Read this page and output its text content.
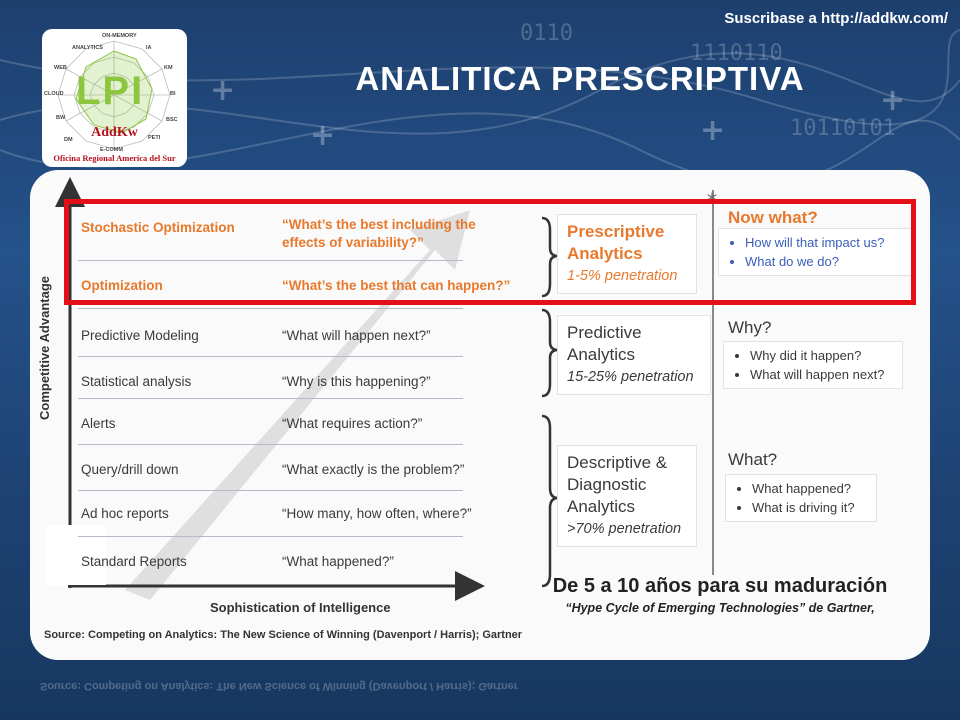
1110110
10110101
0110
+
+
+
+
Suscribase a http://addkw.com/
LPI
AddKw
Oficina Regional America del Sur
ON-MEMORY
IA
KM
BI
BSC
PETI
E-COMM
DM
BW
CLOUD
WEB
ANALYTICS
ANALITICA PRESCRIPTIVA
*
Stochastic Optimization	“What’s the best including the effects of variability?”
Optimization	“What’s the best that can happen?”
Predictive Modeling	“What will happen next?”
Statistical analysis	“Why is this happening?”
Alerts	“What requires action?”
Query/drill down	“What exactly is the problem?”
Ad hoc reports	“How many, how often, where?”
Standard Reports	“What happened?”
Prescriptive
Analytics
1-5% penetration
Now what?
• How will that impact us?
• What do we do?
Predictive
Analytics
15-25% penetration
Why?
• Why did it happen?
• What will happen next?
Descriptive &
Diagnostic
Analytics
>70% penetration
What?
• What happened?
• What is driving it?
Competitive Advantage
Sophistication of Intelligence
Source: Competing on Analytics: The New Science of Winning (Davenport / Harris); Gartner
De 5 a 10 años para su maduración
“Hype Cycle of Emerging Technologies” de Gartner,
Source: Competing on Analytics: The New Science of Winning (Davenport / Harris); Gartner
